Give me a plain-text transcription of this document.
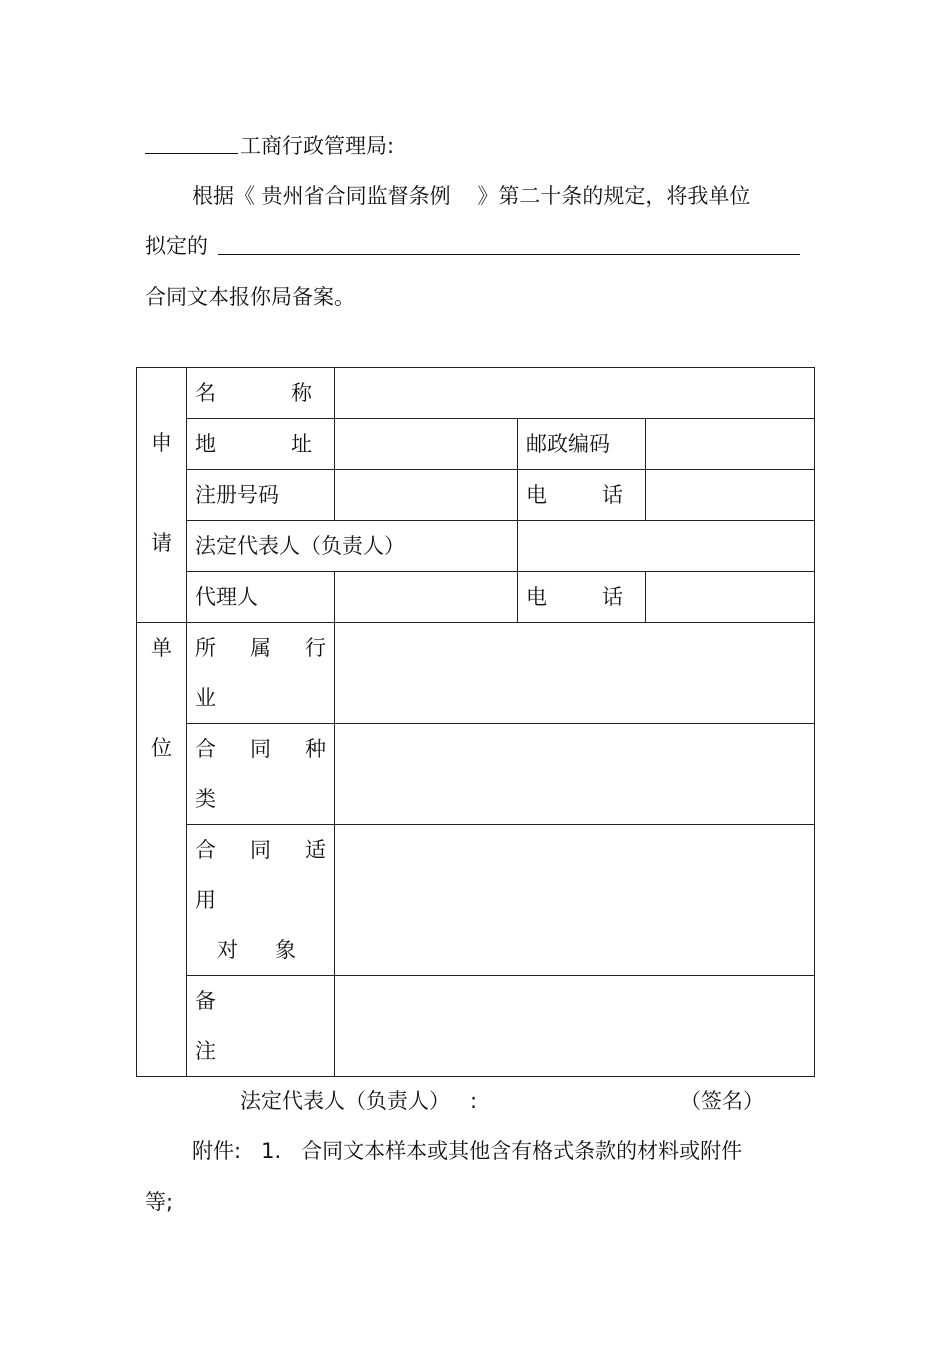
工商行政管理局:
根据《 贵州省合同监督条例    》第二十条的规定，将我单位
拟定的
合同文本报你局备案。
申
请	名 称			

	地 址		邮政编码	
	注册号码		电 话	

	法定代表人（负责人）			
	代理人		电 话	

单
位	所 属 行
业			

	合 同 种
类			

	合 同 适
用
对 象			

	备
注			

法定代表人（负责人）   :	（签名）
附件:   1.   合同文本样本或其他含有格式条款的材料或附件
等;
